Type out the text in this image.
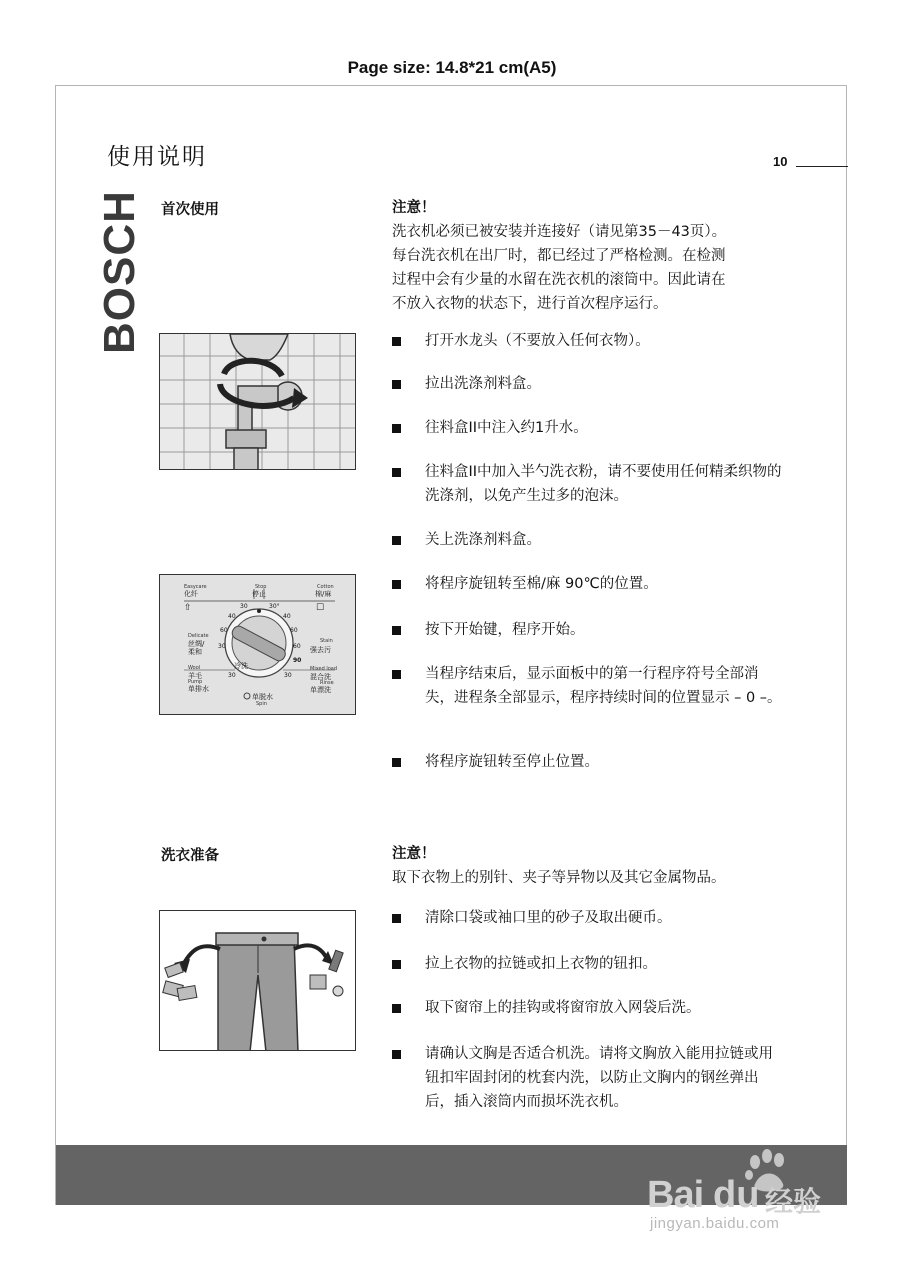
Page size: 14.8*21 cm(A5)
使用说明	10
BOSCH 首次使用	注意！
洗衣机必须已被安装并连接好（请见第35－43页）。
每台洗衣机在出厂时，都已经过了严格检测。在检测
过程中会有少量的水留在洗衣机的滚筒中。因此请在
不放入衣物的状态下，进行首次程序运行。
打开水龙头（不要放入任何衣物）。
拉出洗涤剂料盒。
往料盒II中注入约1升水。
往料盒II中加入半勺洗衣粉，请不要使用任何精柔织物的洗涤剂，以免产生过多的泡沫。
关上洗涤剂料盒。
将程序旋钮转至棉/麻 90℃的位置。
按下开始键，程序开始。
当程序结束后，显示面板中的第一行程序符号全部消失，进程条全部显示，程序持续时间的位置显示 – 0 –。
将程序旋钮转至停止位置。
Easycare
化纤
Stop
停止
Cotton
棉/麻
⇧	☐
30	30°
40
60
40
60
30	60
90
30	30
Delicate
丝绸/
柔和
Stain
强去污
冷洗
Wool
羊毛
Pump
单排水
Mixed load
混合洗
Rinse
单漂洗
单脱水
Spin
洗衣准备	注意！
取下衣物上的别针、夹子等异物以及其它金属物品。
清除口袋或袖口里的砂子及取出硬币。
拉上衣物的拉链或扣上衣物的钮扣。
取下窗帘上的挂钩或将窗帘放入网袋后洗。
请确认文胸是否适合机洗。请将文胸放入能用拉链或用钮扣牢固封闭的枕套内洗，以防止文胸内的钢丝弹出后，插入滚筒内而损坏洗衣机。
Bai du 经验
jingyan.baidu.com
